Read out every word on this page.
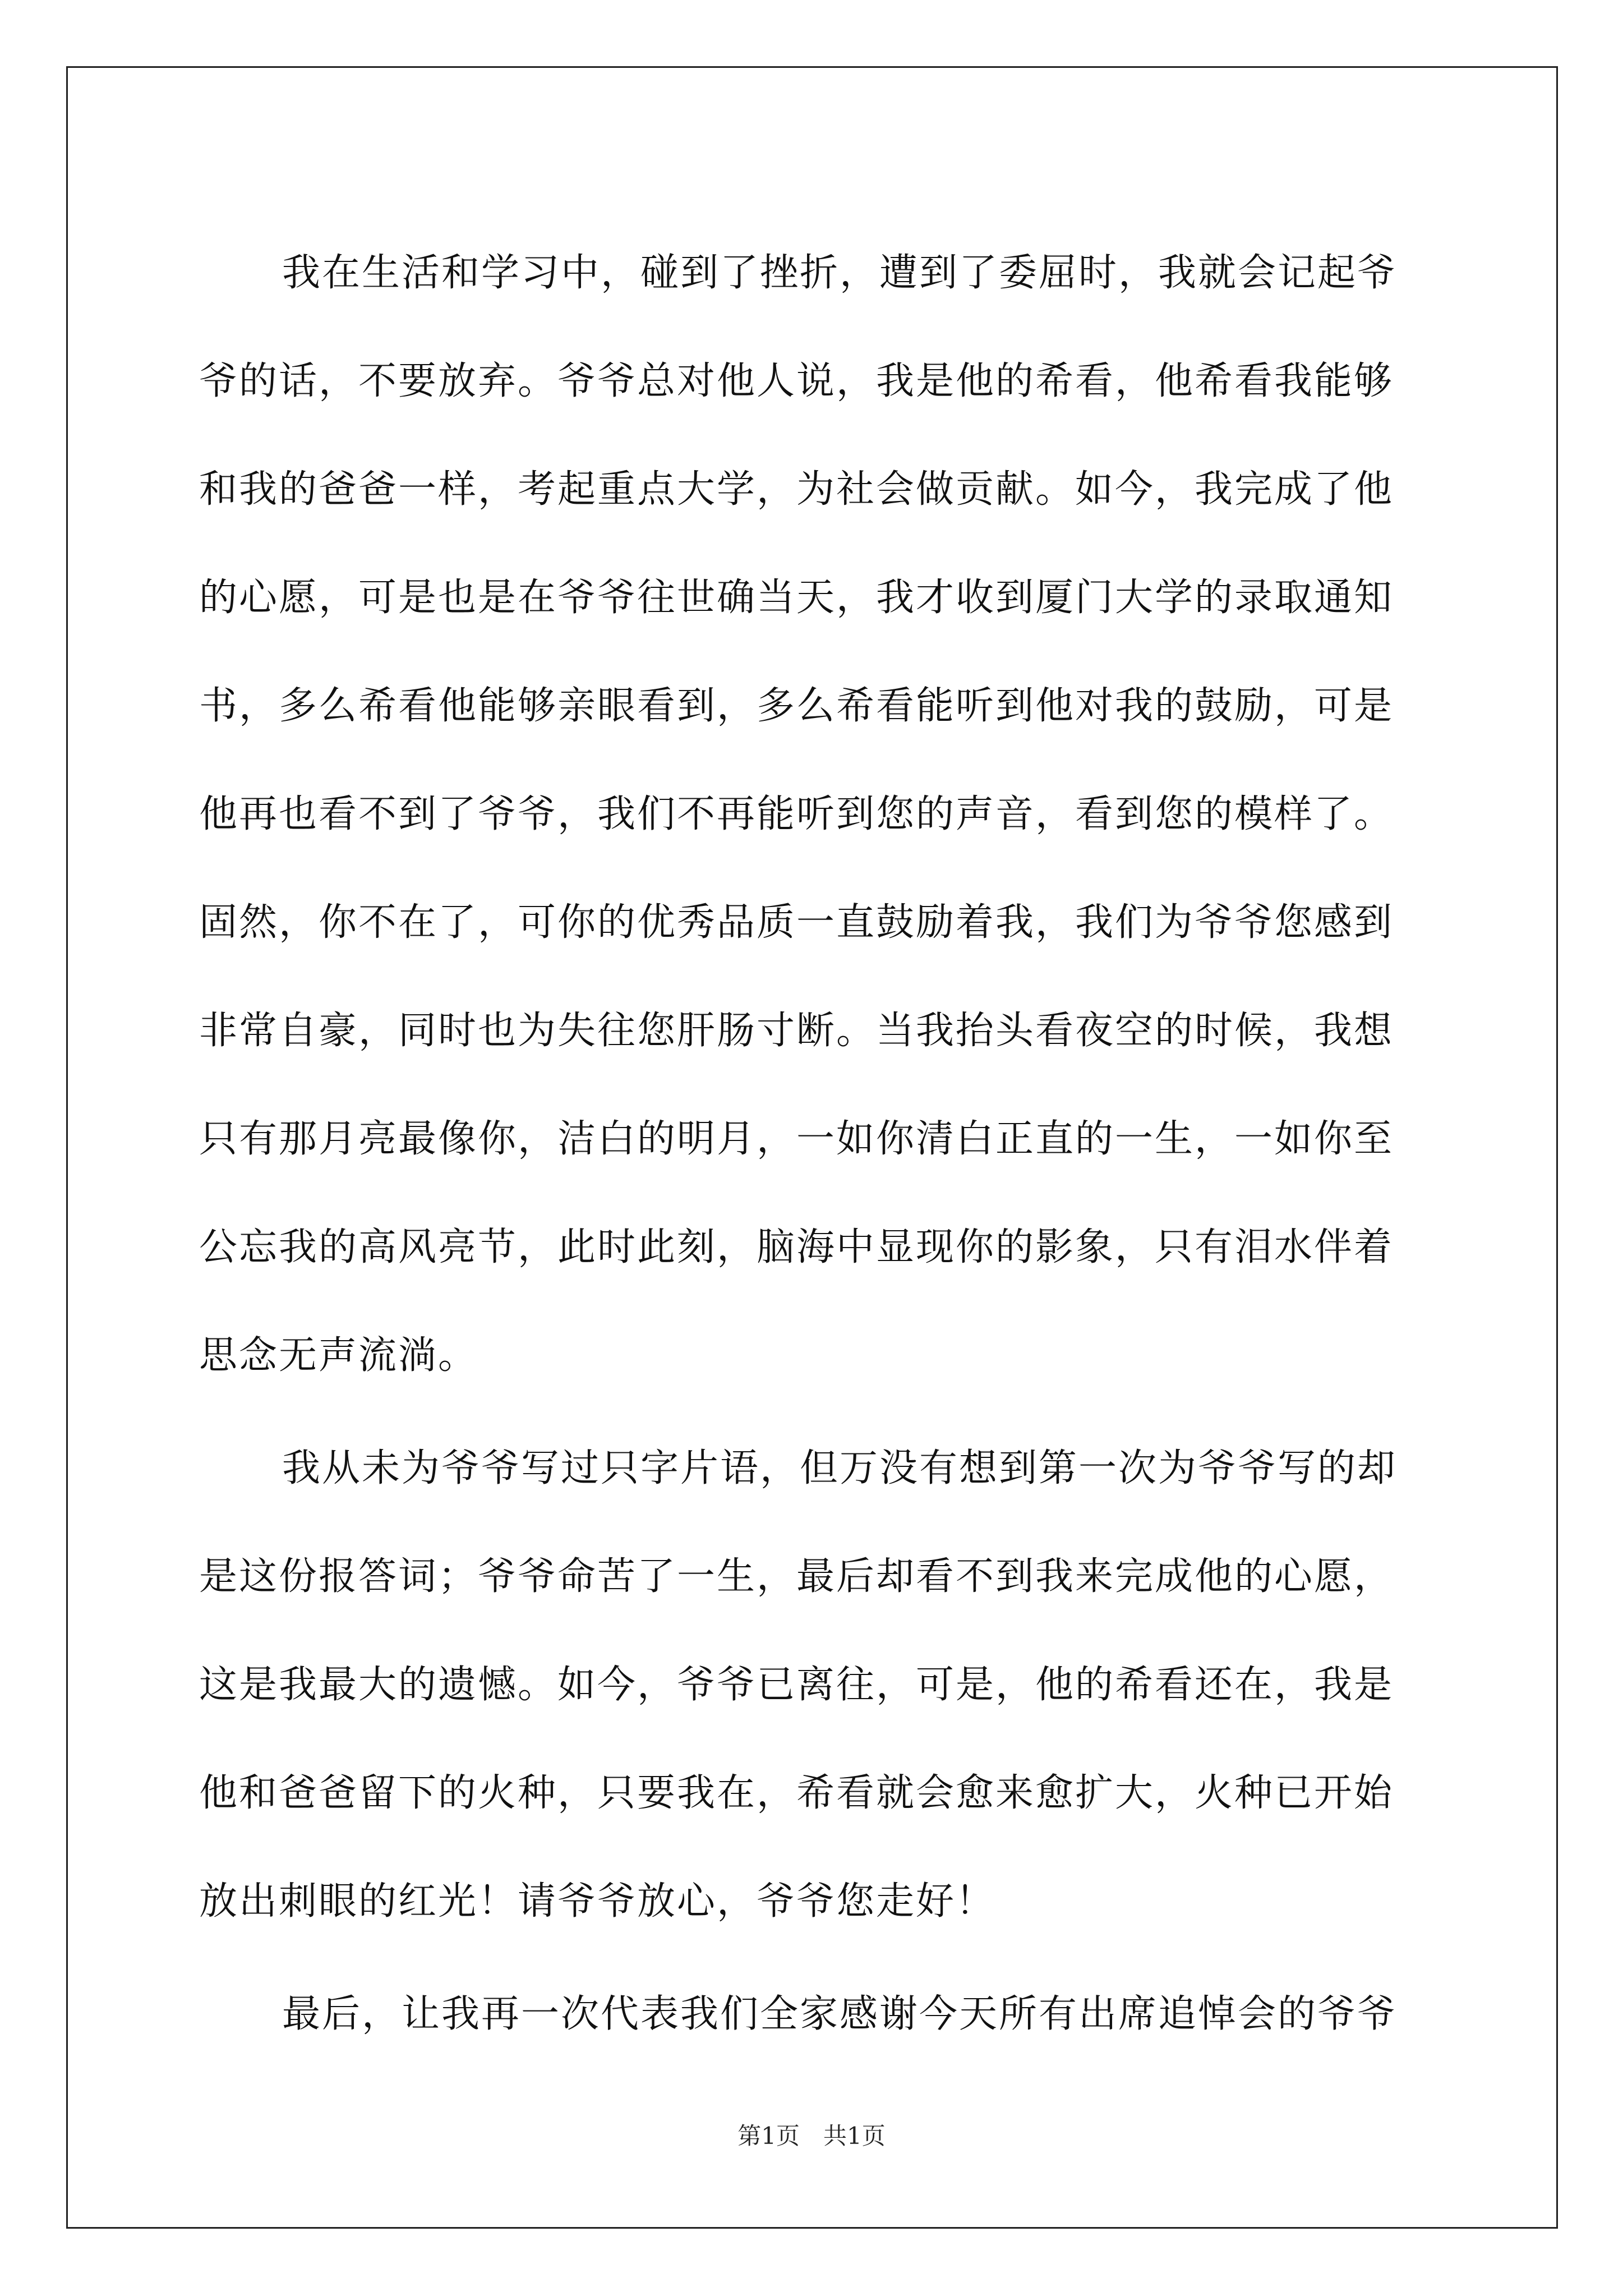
我在生活和学习中，碰到了挫折，遭到了委屈时，我就会记起爷
爷的话，不要放弃。爷爷总对他人说，我是他的希看，他希看我能够
和我的爸爸一样，考起重点大学，为社会做贡献。如今，我完成了他
的心愿，可是也是在爷爷往世确当天，我才收到厦门大学的录取通知
书，多么希看他能够亲眼看到，多么希看能听到他对我的鼓励，可是
他再也看不到了爷爷，我们不再能听到您的声音，看到您的模样了。
固然，你不在了，可你的优秀品质一直鼓励着我，我们为爷爷您感到
非常自豪，同时也为失往您肝肠寸断。当我抬头看夜空的时候，我想
只有那月亮最像你，洁白的明月，一如你清白正直的一生，一如你至
公忘我的高风亮节，此时此刻，脑海中显现你的影象，只有泪水伴着
思念无声流淌。
我从未为爷爷写过只字片语，但万没有想到第一次为爷爷写的却
是这份报答词；爷爷命苦了一生，最后却看不到我来完成他的心愿，
这是我最大的遗憾。如今，爷爷已离往，可是，他的希看还在，我是
他和爸爸留下的火种，只要我在，希看就会愈来愈扩大，火种已开始
放出刺眼的红光！请爷爷放心，爷爷您走好！
最后，让我再一次代表我们全家感谢今天所有出席追悼会的爷爷
第1页　共1页
